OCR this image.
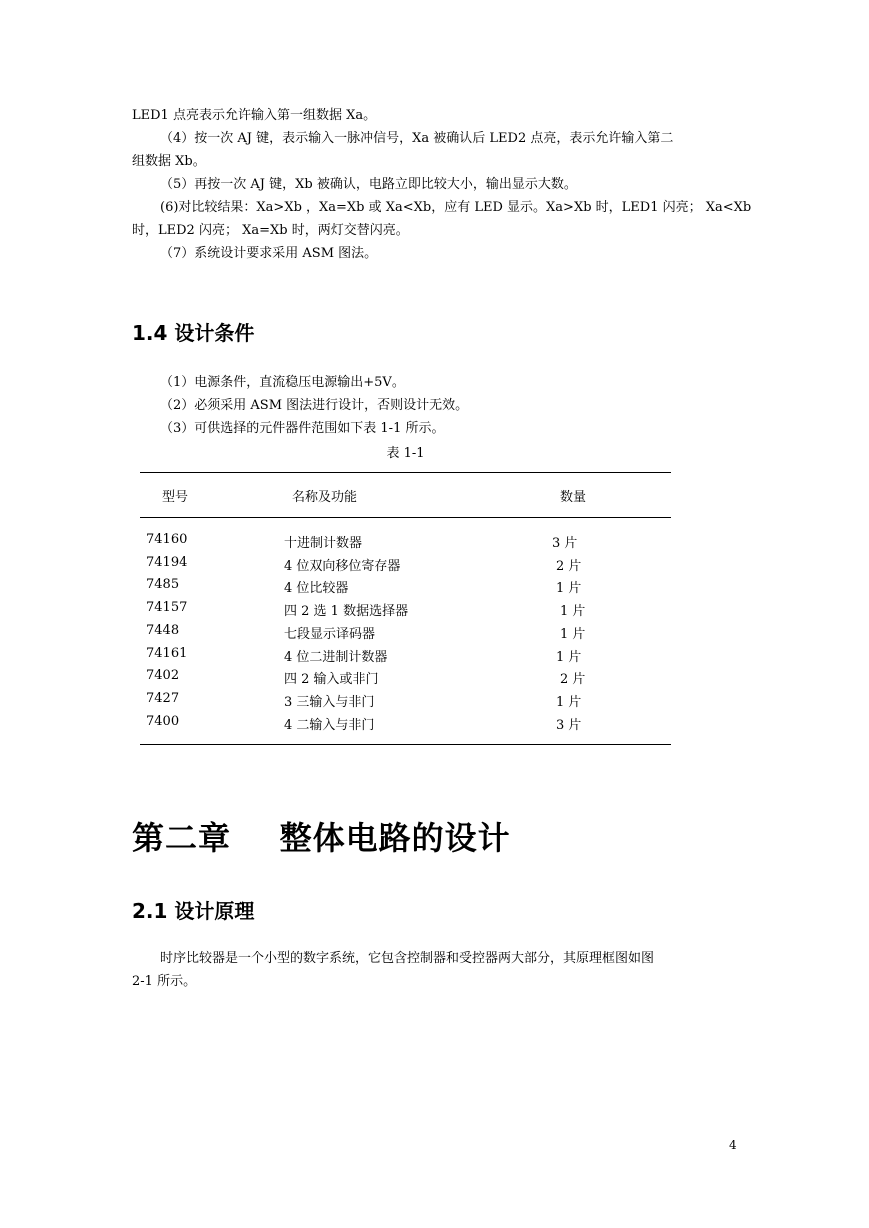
LED1 点亮表示允许输入第一组数据 Xa。
（4）按一次 AJ 键，表示输入一脉冲信号，Xa 被确认后 LED2 点亮，表示允许输入第二
组数据 Xb。
（5）再按一次 AJ 键，Xb 被确认，电路立即比较大小，输出显示大数。
(6)对比较结果：Xa>Xb ，Xa=Xb 或 Xa<Xb，应有 LED 显示。Xa>Xb 时，LED1 闪亮； Xa<Xb
时，LED2 闪亮； Xa=Xb 时，两灯交替闪亮。
（7）系统设计要求采用 ASM 图法。
1.4 设计条件
（1）电源条件，直流稳压电源输出+5V。
（2）必须采用 ASM 图法进行设计，否则设计无效。
（3）可供选择的元件器件范围如下表 1-1 所示。
表 1-1
型号	名称及功能	数量
74160	十进制计数器	3 片
74194	4 位双向移位寄存器	2 片
7485	4 位比较器	1 片
74157	四 2 选 1 数据选择器	1 片
7448	七段显示译码器	1 片
74161	4 位二进制计数器	1 片
7402	四 2 输入或非门	2 片
7427	3 三输入与非门	1 片
7400	4 二输入与非门	3 片
第二章    整体电路的设计
2.1 设计原理
时序比较器是一个小型的数字系统，它包含控制器和受控器两大部分，其原理框图如图
2-1 所示。
4
